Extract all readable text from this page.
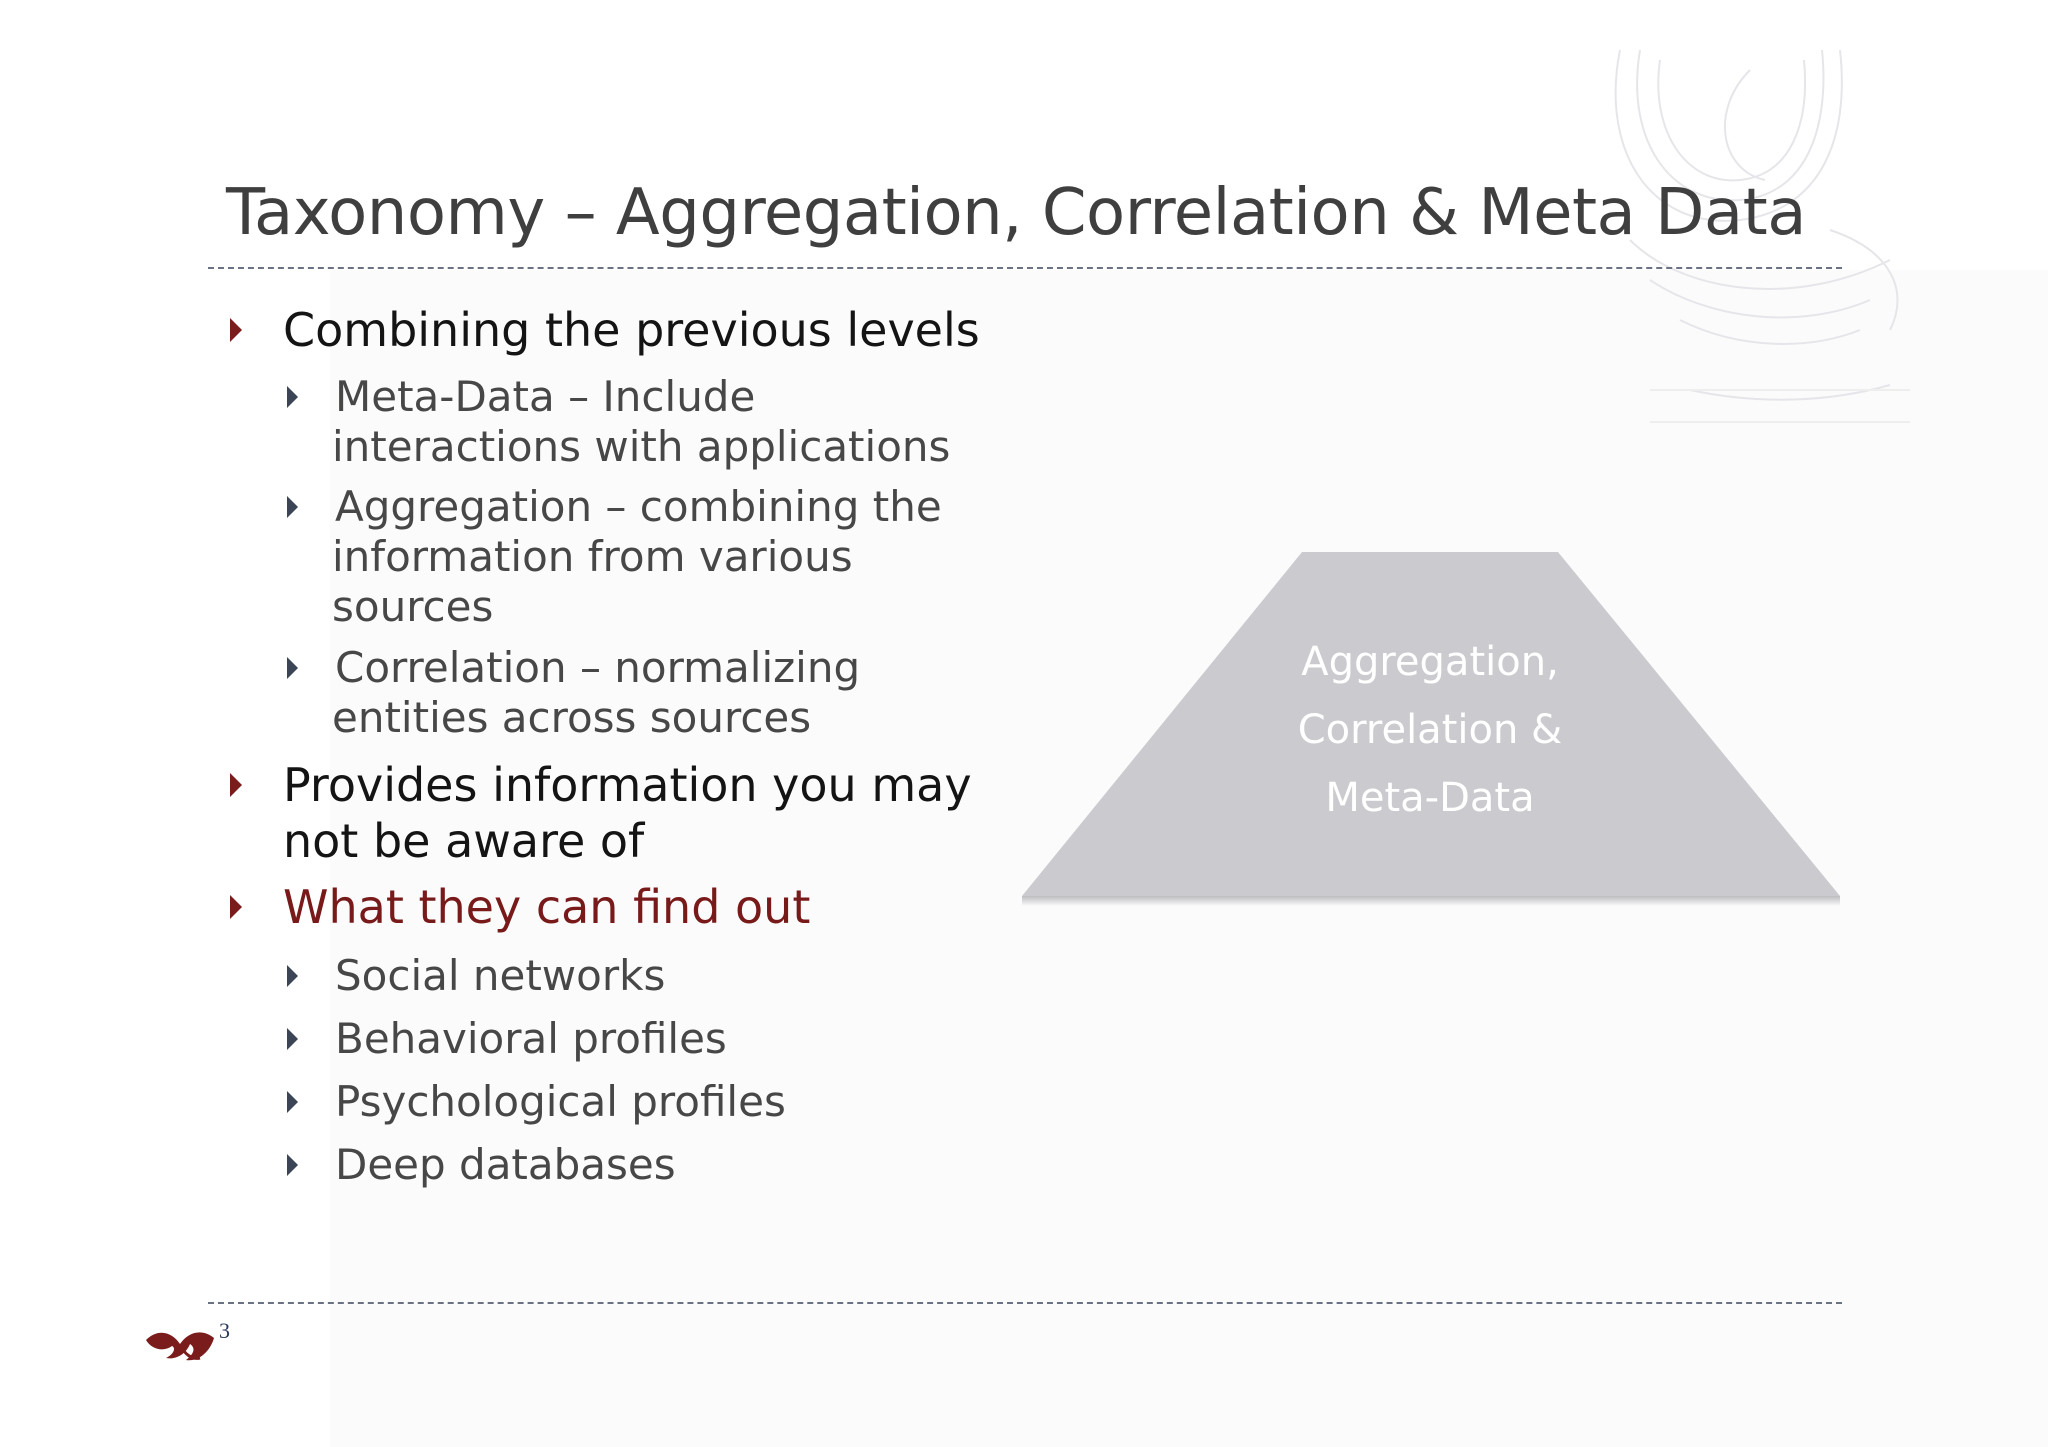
Taxonomy – Aggregation, Correlation & Meta Data
Combining the previous levels
Meta-Data – Include
interactions with applications
Aggregation – combining the
information from various
sources
Correlation – normalizing
entities across sources
Provides information you may
not be aware of
What they can find out
Social networks
Behavioral profiles
Psychological profiles
Deep databases
Aggregation,
Correlation &
Meta-Data
3
